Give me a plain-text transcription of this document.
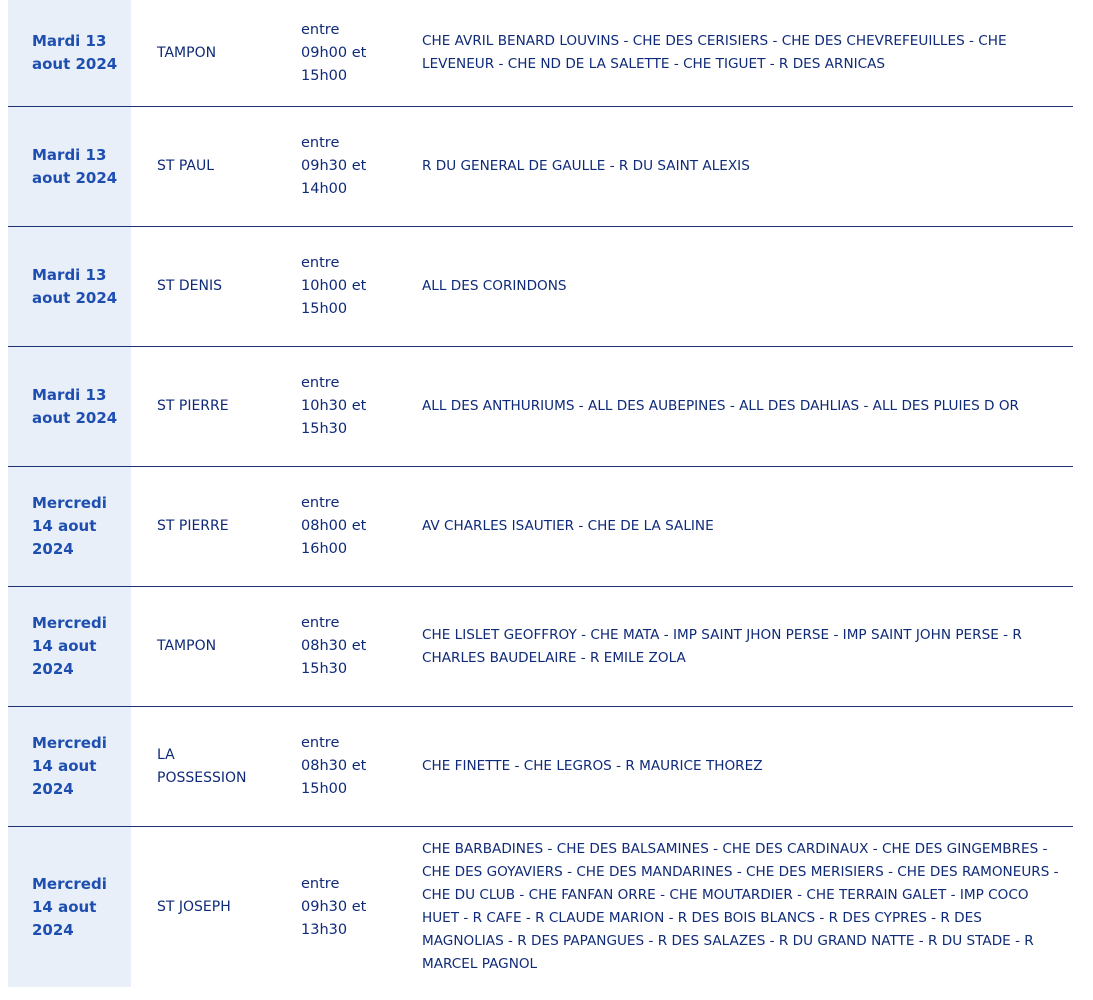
Mardi 13 aout 2024
TAMPON
entre 09h00 et 15h00
CHE AVRIL BENARD LOUVINS - CHE DES CERISIERS - CHE DES CHEVREFEUILLES - CHE LEVENEUR - CHE ND DE LA SALETTE - CHE TIGUET - R DES ARNICAS
Mardi 13 aout 2024
ST PAUL
entre 09h30 et 14h00
R DU GENERAL DE GAULLE - R DU SAINT ALEXIS
Mardi 13 aout 2024
ST DENIS
entre 10h00 et 15h00
ALL DES CORINDONS
Mardi 13 aout 2024
ST PIERRE
entre 10h30 et 15h30
ALL DES ANTHURIUMS - ALL DES AUBEPINES - ALL DES DAHLIAS - ALL DES PLUIES D OR
Mercredi 14 aout 2024
ST PIERRE
entre 08h00 et 16h00
AV CHARLES ISAUTIER - CHE DE LA SALINE
Mercredi 14 aout 2024
TAMPON
entre 08h30 et 15h30
CHE LISLET GEOFFROY - CHE MATA - IMP SAINT JHON PERSE - IMP SAINT JOHN PERSE - R CHARLES BAUDELAIRE - R EMILE ZOLA
Mercredi 14 aout 2024
LA POSSESSION
entre 08h30 et 15h00
CHE FINETTE - CHE LEGROS - R MAURICE THOREZ
Mercredi 14 aout 2024
ST JOSEPH
entre 09h30 et 13h30
CHE BARBADINES - CHE DES BALSAMINES - CHE DES CARDINAUX - CHE DES GINGEMBRES - CHE DES GOYAVIERS - CHE DES MANDARINES - CHE DES MERISIERS - CHE DES RAMONEURS - CHE DU CLUB - CHE FANFAN ORRE - CHE MOUTARDIER - CHE TERRAIN GALET - IMP COCO HUET - R CAFE - R CLAUDE MARION - R DES BOIS BLANCS - R DES CYPRES - R DES MAGNOLIAS - R DES PAPANGUES - R DES SALAZES - R DU GRAND NATTE - R DU STADE - R MARCEL PAGNOL
